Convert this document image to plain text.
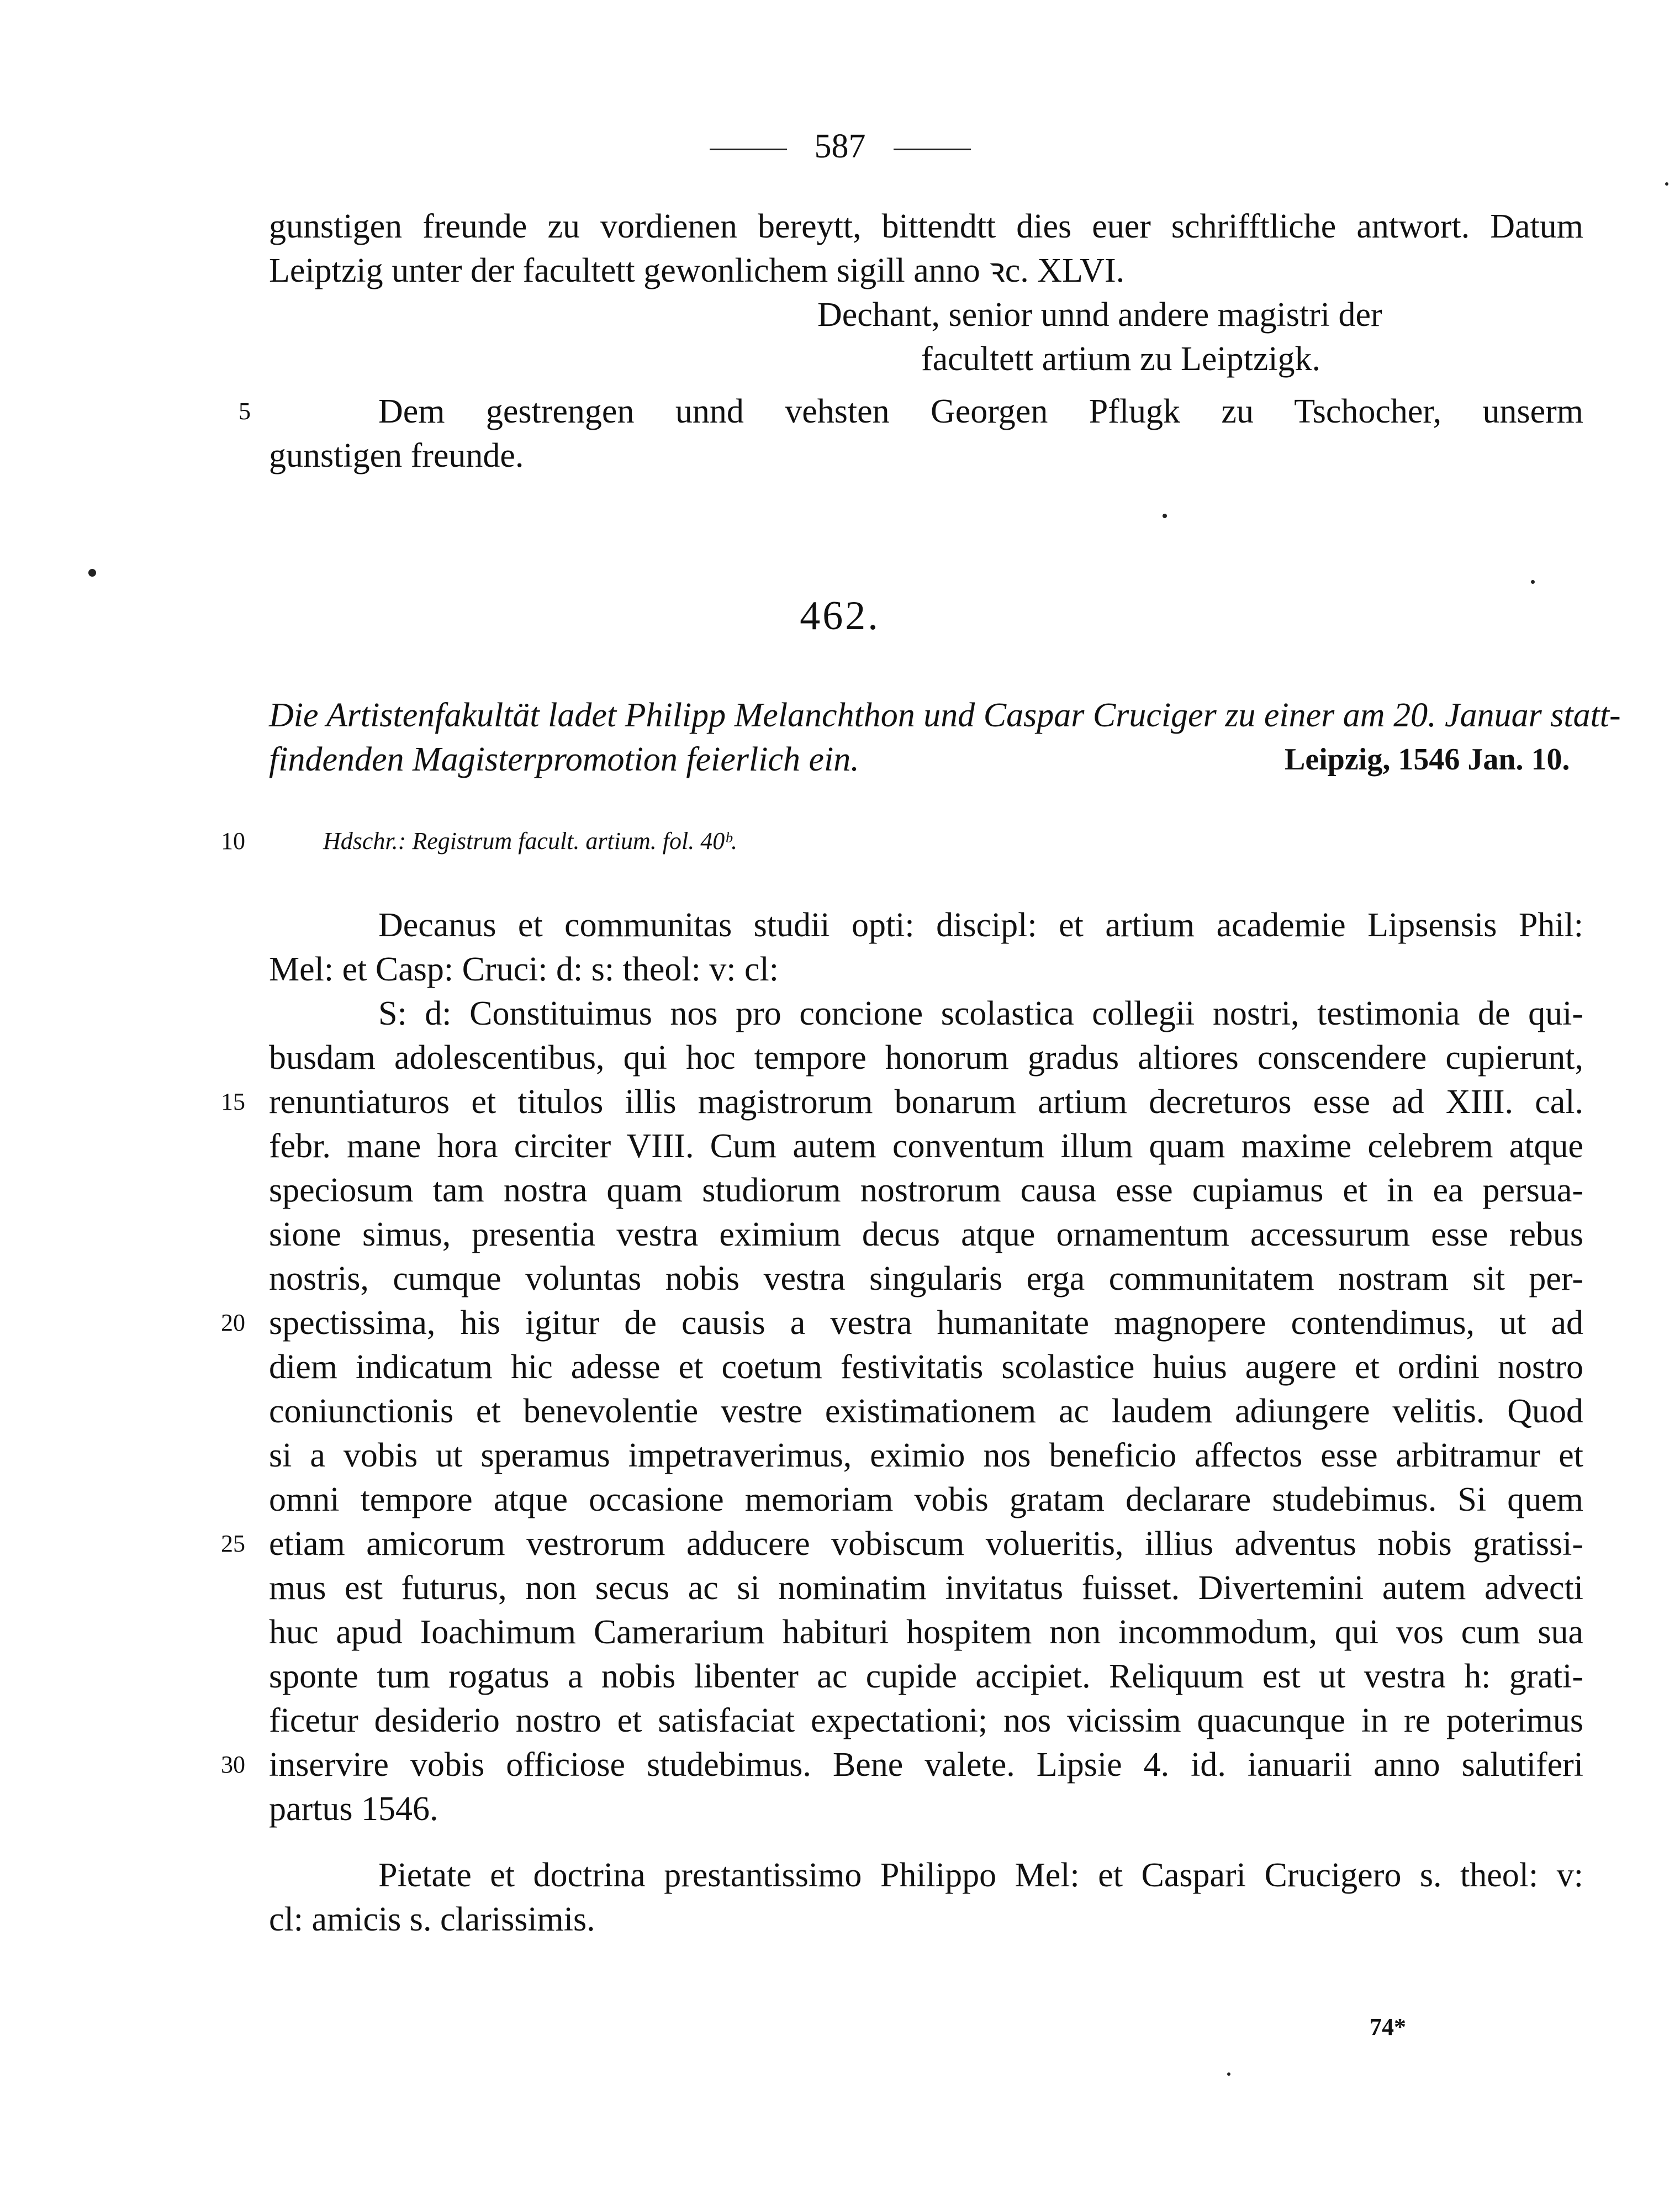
587
gunstigen freunde zu vordienen bereytt, bittendtt dies euer schrifftliche antwort. Datum
Leiptzig unter der facultett gewonlichem sigill anno ꝛc. XLVI.
Dechant, senior unnd andere magistri der
facultett artium zu Leiptzigk.
5	Dem gestrengen unnd vehsten Georgen Pflugk zu Tschocher, unserm
gunstigen freunde.
462.
Die Artistenfakultät ladet Philipp Melanchthon und Caspar Cruciger zu einer am 20. Januar statt-
findenden Magisterpromotion feierlich ein.	Leipzig, 1546 Jan. 10.
10	Hdschr.: Registrum facult. artium. fol. 40ᵇ.
Decanus et communitas studii opti: discipl: et artium academie Lipsensis Phil:
Mel: et Casp: Cruci: d: s: theol: v: cl:
S: d: Constituimus nos pro concione scolastica collegii nostri, testimonia de qui-
busdam adolescentibus, qui hoc tempore honorum gradus altiores conscendere cupierunt,
15 renuntiaturos et titulos illis magistrorum bonarum artium decreturos esse ad XIII. cal.
febr. mane hora circiter VIII. Cum autem conventum illum quam maxime celebrem atque
speciosum tam nostra quam studiorum nostrorum causa esse cupiamus et in ea persua-
sione simus, presentia vestra eximium decus atque ornamentum accessurum esse rebus
nostris, cumque voluntas nobis vestra singularis erga communitatem nostram sit per-
20 spectissima, his igitur de causis a vestra humanitate magnopere contendimus, ut ad
diem indicatum hic adesse et coetum festivitatis scolastice huius augere et ordini nostro
coniunctionis et benevolentie vestre existimationem ac laudem adiungere velitis. Quod
si a vobis ut speramus impetraverimus, eximio nos beneficio affectos esse arbitramur et
omni tempore atque occasione memoriam vobis gratam declarare studebimus. Si quem
25 etiam amicorum vestrorum adducere vobiscum volueritis, illius adventus nobis gratissi-
mus est futurus, non secus ac si nominatim invitatus fuisset. Divertemini autem advecti
huc apud Ioachimum Camerarium habituri hospitem non incommodum, qui vos cum sua
sponte tum rogatus a nobis libenter ac cupide accipiet. Reliquum est ut vestra h: grati-
ficetur desiderio nostro et satisfaciat expectationi; nos vicissim quacunque in re poterimus
30 inservire vobis officiose studebimus. Bene valete. Lipsie 4. id. ianuarii anno salutiferi
partus 1546.
Pietate et doctrina prestantissimo Philippo Mel: et Caspari Crucigero s. theol: v:
cl: amicis s. clarissimis.
74*
